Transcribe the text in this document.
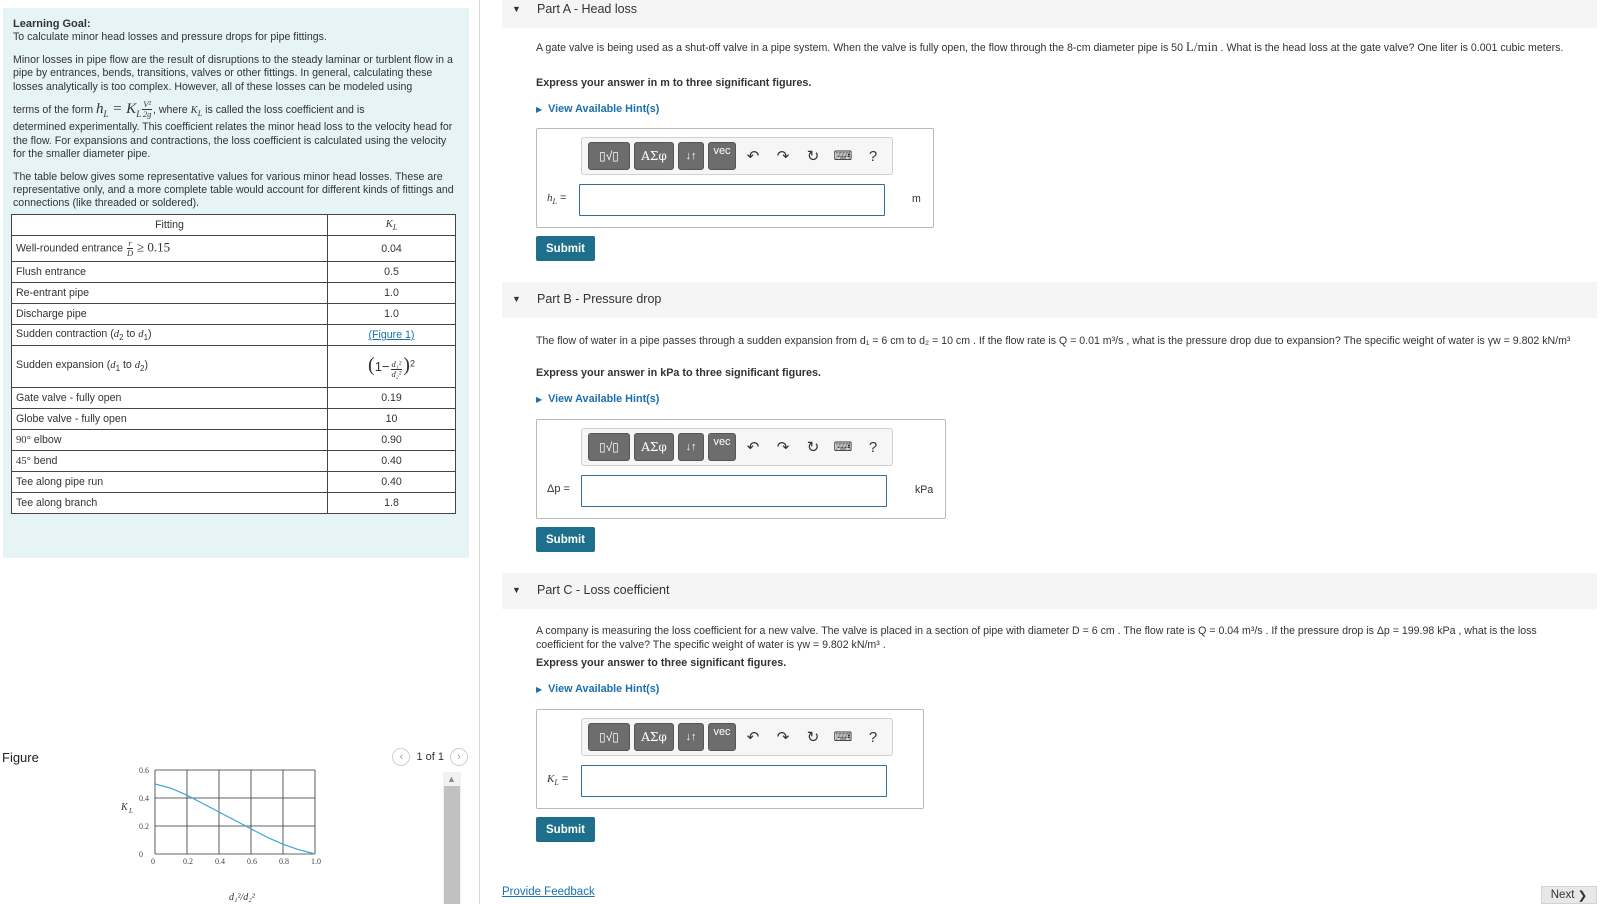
Learning Goal:

To calculate minor head losses and pressure drops for pipe fittings.

Minor losses in pipe flow are the result of disruptions to the steady laminar or turblent flow in a pipe by entrances, bends, transitions, valves or other fittings. In general, calculating these losses analytically is too complex. However, all of these losses can be modeled using

terms of the form $h_L = K_L \frac{\text{V²}}{2g}$ , where $K_L$ is called the loss coefficient and is

determined experimentally. This coefficient relates the minor head loss to the velocity head for the flow. For expansions and contractions, the loss coefficient is calculated using the velocity for the smaller diameter pipe.

The table below gives some representative values for various minor head losses. These are representative only, and a more complete table would account for different kinds of fittings and connections (like threaded or soldered).

Fitting	$K_L$
Well-rounded entrance $\frac{r}{D} \ge 0.15$	0.04
Flush entrance	0.5
Re-entrant pipe	1.0
Discharge pipe	1.0
Sudden contraction ($d_2$ to $d_1$)	(Figure 1)
Sudden expansion ($d_1$ to $d_2$)	$(1- \frac{\text{d₁²}}{\text{d₂²}} )^2$
Gate valve - fully open	0.19
Globe valve - fully open	10
90° elbow	0.90
45° bend	0.40
Tee along pipe run	0.40
Tee along branch	1.8
Figure	‹	1 of 1	›
0	0.2	0.4	0.6	0.8	1.0
0
0.2
0.4
0.6
K L
d₁²/d₂²
▲
▼ Part A - Head loss
A gate valve is being used as a shut-off valve in a pipe system. When the valve is fully open, the flow through the 8-cm diameter pipe is 50 L/min . What is the head loss at the gate valve? One liter is 0.001 cubic meters.
Express your answer in m to three significant figures.
▶ View Available Hint(s)
▯√▯	ΑΣφ	↓↑	vec	↶	↷	↻	⌨	?
$h_L$ =	m
Submit
▼ Part B - Pressure drop
The flow of water in a pipe passes through a sudden expansion from d₁ = 6 cm to d₂ = 10 cm . If the flow rate is Q = 0.01 m³/s , what is the pressure drop due to expansion? The specific weight of water is γw = 9.802 kN/m³
Express your answer in kPa to three significant figures.
▶ View Available Hint(s)
▯√▯	ΑΣφ	↓↑	vec	↶	↷	↻	⌨	?
Δp =	kPa
Submit
▼ Part C - Loss coefficient
A company is measuring the loss coefficient for a new valve. The valve is placed in a section of pipe with diameter D = 6 cm . The flow rate is Q = 0.04 m³/s . If the pressure drop is Δp = 199.98 kPa , what is the loss coefficient for the valve? The specific weight of water is γw = 9.802 kN/m³ .
Express your answer to three significant figures.
▶ View Available Hint(s)
▯√▯	ΑΣφ	↓↑	vec	↶	↷	↻	⌨	?
$K_L$ =
Submit
Provide Feedback	Next
❯
